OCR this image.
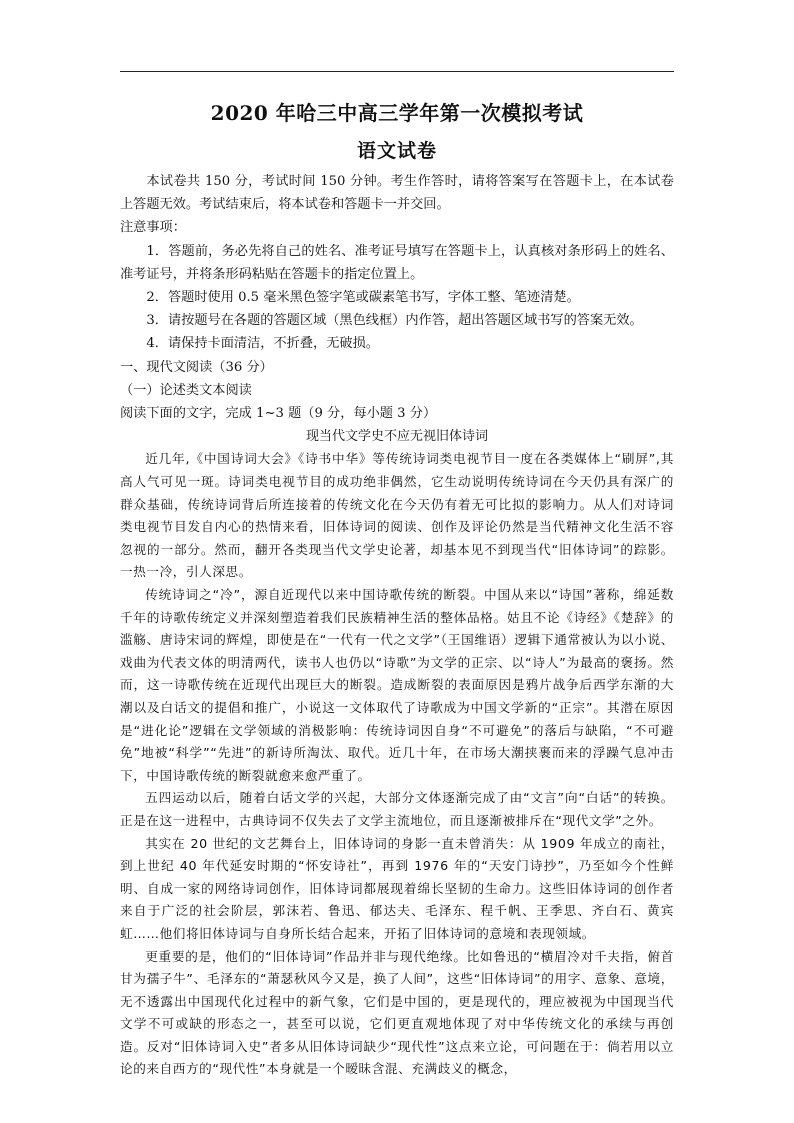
2020 年哈三中高三学年第一次模拟考试
语文试卷

本试卷共 150 分，考试时间 150 分钟。考生作答时，请将答案写在答题卡上，在本试卷上答题无效。考试结束后，将本试卷和答题卡一并交回。

注意事项：

1．答题前，务必先将自己的姓名、准考证号填写在答题卡上，认真核对条形码上的姓名、准考证号，并将条形码粘贴在答题卡的指定位置上。

2．答题时使用 0.5 毫米黑色签字笔或碳素笔书写，字体工整、笔迹清楚。

3．请按题号在各题的答题区域（黑色线框）内作答，超出答题区域书写的答案无效。

4．请保持卡面清洁，不折叠，无破损。

一、现代文阅读（36 分）

（一）论述类文本阅读

阅读下面的文字，完成 1~3 题（9 分，每小题 3 分）

现当代文学史不应无视旧体诗词

近几年,《中国诗词大会》《诗书中华》等传统诗词类电视节目一度在各类媒体上“刷屏”,其高人气可见一斑。诗词类电视节目的成功绝非偶然，它生动说明传统诗词在今天仍具有深广的群众基础，传统诗词背后所连接着的传统文化在今天仍有着无可比拟的影响力。从人们对诗词类电视节目发自内心的热情来看，旧体诗词的阅读、创作及评论仍然是当代精神文化生活不容忽视的一部分。然而，翻开各类现当代文学史论著，却基本见不到现当代“旧体诗词”的踪影。一热一冷，引人深思。

传统诗词之“冷”，源自近现代以来中国诗歌传统的断裂。中国从来以“诗国”著称，绵延数千年的诗歌传统定义并深刻塑造着我们民族精神生活的整体品格。姑且不论《诗经》《楚辞》的滥觞、唐诗宋词的辉煌，即使是在“一代有一代之文学”（王国维语）逻辑下通常被认为以小说、戏曲为代表文体的明清两代，读书人也仍以“诗歌”为文学的正宗、以“诗人”为最高的褒扬。然而，这一诗歌传统在近现代出现巨大的断裂。造成断裂的表面原因是鸦片战争后西学东渐的大潮以及白话文的提倡和推广，小说这一文体取代了诗歌成为中国文学新的“正宗”。其潜在原因是“进化论”逻辑在文学领域的消极影响：传统诗词因自身“不可避免”的落后与缺陷，“不可避免”地被“科学”“先进”的新诗所淘汰、取代。近几十年，在市场大潮挟裹而来的浮躁气息冲击下，中国诗歌传统的断裂就愈来愈严重了。

五四运动以后，随着白话文学的兴起，大部分文体逐渐完成了由“文言”向“白话”的转换。正是在这一进程中，古典诗词不仅失去了文学主流地位，而且逐渐被排斥在“现代文学”之外。

其实在 20 世纪的文艺舞台上，旧体诗词的身影一直未曾消失：从 1909 年成立的南社，到上世纪 40 年代延安时期的“怀安诗社”，再到 1976 年的“天安门诗抄”，乃至如今个性鲜明、自成一家的网络诗词创作，旧体诗词都展现着绵长坚韧的生命力。这些旧体诗词的创作者来自于广泛的社会阶层，郭沫若、鲁迅、郁达夫、毛泽东、程千帆、王季思、齐白石、黄宾虹……他们将旧体诗词与自身所长结合起来，开拓了旧体诗词的意境和表现领域。

更重要的是，他们的“旧体诗词”作品并非与现代绝缘。比如鲁迅的“横眉冷对千夫指，俯首甘为孺子牛”、毛泽东的“萧瑟秋风今又是，换了人间”，这些“旧体诗词”的用字、意象、意境，无不透露出中国现代化过程中的新气象，它们是中国的，更是现代的，理应被视为中国现当代文学不可或缺的形态之一，甚至可以说，它们更直观地体现了对中华传统文化的承续与再创造。反对“旧体诗词入史”者多从旧体诗词缺少“现代性”这点来立论，可问题在于：倘若用以立论的来自西方的“现代性”本身就是一个暧昧含混、充满歧义的概念，
